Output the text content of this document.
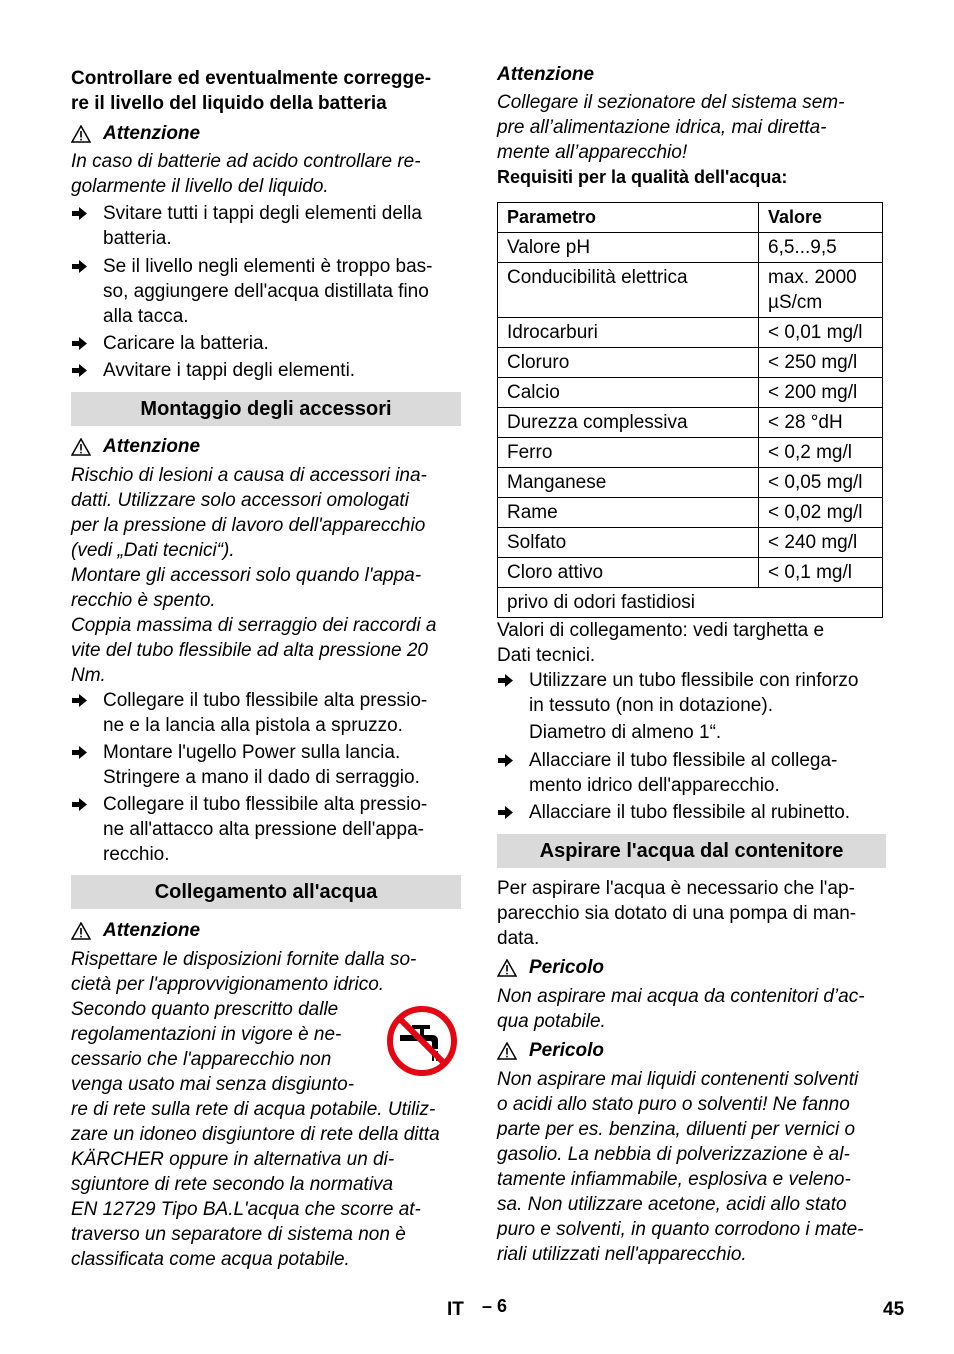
Controllare ed eventualmente corregge-
re il livello del liquido della batteria
Attenzione
In caso di batterie ad acido controllare re-
golarmente il livello del liquido.
Svitare tutti i tappi degli elementi della
batteria.
Se il livello negli elementi è troppo bas-
so, aggiungere dell'acqua distillata fino
alla tacca.
Caricare la batteria.
Avvitare i tappi degli elementi.
Montaggio degli accessori
Attenzione
Rischio di lesioni a causa di accessori ina-
datti. Utilizzare solo accessori omologati
per la pressione di lavoro dell'apparecchio
(vedi „Dati tecnici“).
Montare gli accessori solo quando l'appa-
recchio è spento.
Coppia massima di serraggio dei raccordi a
vite del tubo flessibile ad alta pressione 20
Nm.
Collegare il tubo flessibile alta pressio-
ne e la lancia alla pistola a spruzzo.
Montare l'ugello Power sulla lancia.
Stringere a mano il dado di serraggio.
Collegare il tubo flessibile alta pressio-
ne all'attacco alta pressione dell'appa-
recchio.
Collegamento all'acqua
Attenzione
Rispettare le disposizioni fornite dalla so-
cietà per l'approvvigionamento idrico.
Secondo quanto prescritto dalle
regolamentazioni in vigore è ne-
cessario che l'apparecchio non
venga usato mai senza disgiunto-
re di rete sulla rete di acqua potabile. Utiliz-
zare un idoneo disgiuntore di rete della ditta
KÄRCHER oppure in alternativa un di-
sgiuntore di rete secondo la normativa
EN 12729 Tipo BA.L'acqua che scorre at-
traverso un separatore di sistema non è
classificata come acqua potabile.
Attenzione
Collegare il sezionatore del sistema sem-
pre all’alimentazione idrica, mai diretta-
mente all’apparecchio!
Requisiti per la qualità dell'acqua:
Parametro	Valore
Valore pH	6,5...9,5
Conducibilità elettrica	max. 2000
µS/cm

Idrocarburi	< 0,01 mg/l
Cloruro	< 250 mg/l
Calcio	< 200 mg/l
Durezza complessiva	< 28 °dH
Ferro	< 0,2 mg/l
Manganese	< 0,05 mg/l
Rame	< 0,02 mg/l
Solfato	< 240 mg/l
Cloro attivo	< 0,1 mg/l
privo di odori fastidiosi	
Valori di collegamento: vedi targhetta e
Dati tecnici.
Utilizzare un tubo flessibile con rinforzo
in tessuto (non in dotazione).
Diametro di almeno 1“.
Allacciare il tubo flessibile al collega-
mento idrico dell'apparecchio.
Allacciare il tubo flessibile al rubinetto.
Aspirare l'acqua dal contenitore
Per aspirare l'acqua è necessario che l'ap-
parecchio sia dotato di una pompa di man-
data.
Pericolo
Non aspirare mai acqua da contenitori d’ac-
qua potabile.
Pericolo
Non aspirare mai liquidi contenenti solventi
o acidi allo stato puro o solventi! Ne fanno
parte per es. benzina, diluenti per vernici o
gasolio. La nebbia di polverizzazione è al-
tamente infiammabile, esplosiva e veleno-
sa. Non utilizzare acetone, acidi allo stato
puro e solventi, in quanto corrodono i mate-
riali utilizzati nell'apparecchio.
IT – 6	45
